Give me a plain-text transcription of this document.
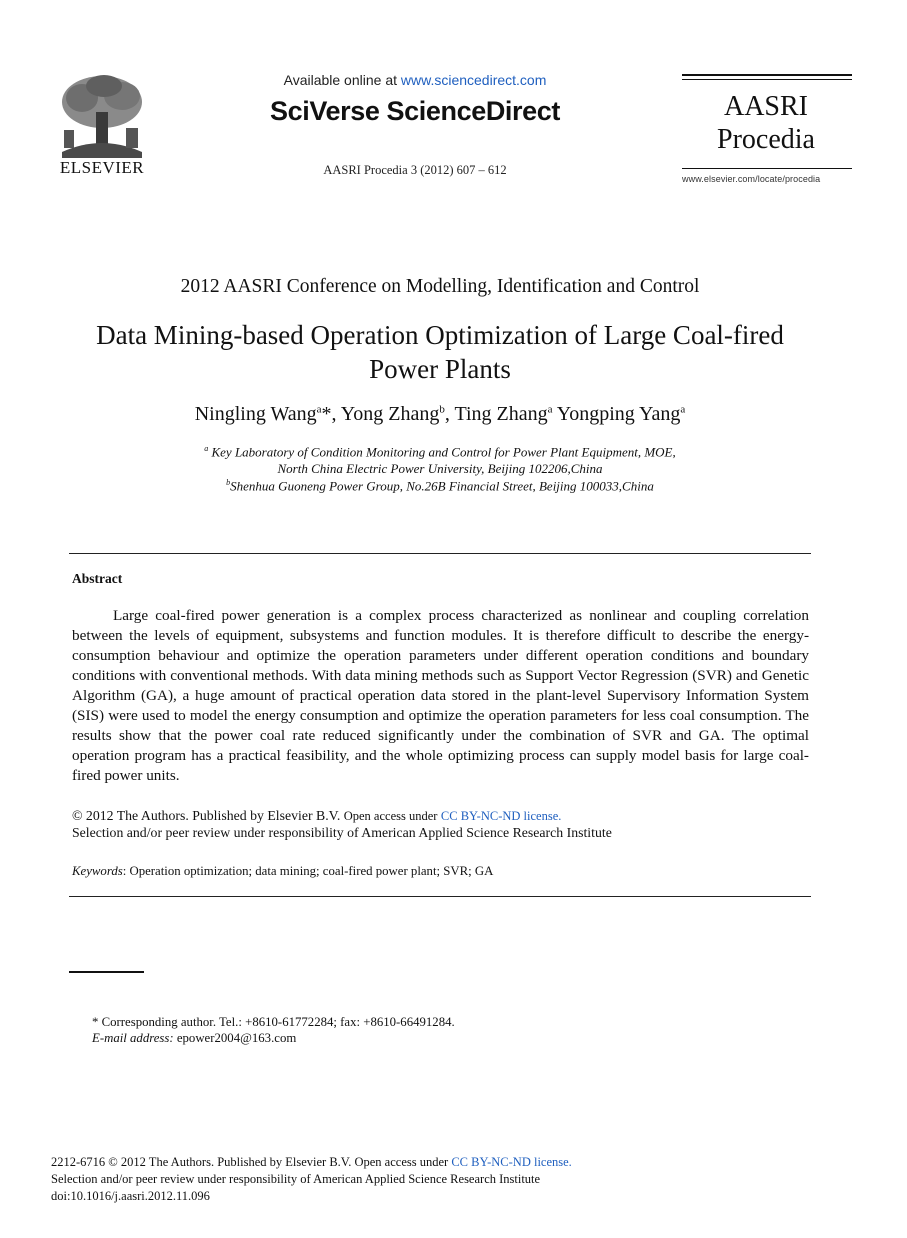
ELSEVIER
Available online at www.sciencedirect.com
SciVerse ScienceDirect
AASRI Procedia 3 (2012) 607 – 612
AASRI
Procedia
www.elsevier.com/locate/procedia
2012 AASRI Conference on Modelling, Identification and Control
Data Mining-based Operation Optimization of Large Coal-fired
Power Plants
Ningling Wang$^a$*, Yong Zhang$^b$, Ting Zhang$^a$ Yongping Yang$^a$
$^a$ Key Laboratory of Condition Monitoring and Control for Power Plant Equipment, MOE,
North China Electric Power University, Beijing 102206,China
$^b$Shenhua Guoneng Power Group, No.26B Financial Street, Beijing 100033,China
Abstract
Large coal-fired power generation is a complex process characterized as nonlinear and coupling correlation between the levels of equipment, subsystems and function modules. It is therefore difficult to describe the energy-consumption behaviour and optimize the operation parameters under different operation conditions and boundary conditions with conventional methods. With data mining methods such as Support Vector Regression (SVR) and Genetic Algorithm (GA), a huge amount of practical operation data stored in the plant-level Supervisory Information System (SIS) were used to model the energy consumption and optimize the operation parameters for less coal consumption. The results show that the power coal rate reduced significantly under the combination of SVR and GA. The optimal operation program has a practical feasibility, and the whole optimizing process can supply model basis for large coal-fired power units.
© 2012 The Authors. Published by Elsevier B.V. Open access under CC BY-NC-ND license.
Selection and/or peer review under responsibility of American Applied Science Research Institute
Keywords: Operation optimization; data mining; coal-fired power plant; SVR; GA
* Corresponding author. Tel.: +8610-61772284; fax: +8610-66491284.
E-mail address: epower2004@163.com
2212-6716 © 2012 The Authors. Published by Elsevier B.V. Open access under CC BY-NC-ND license.
Selection and/or peer review under responsibility of American Applied Science Research Institute
doi:10.1016/j.aasri.2012.11.096
